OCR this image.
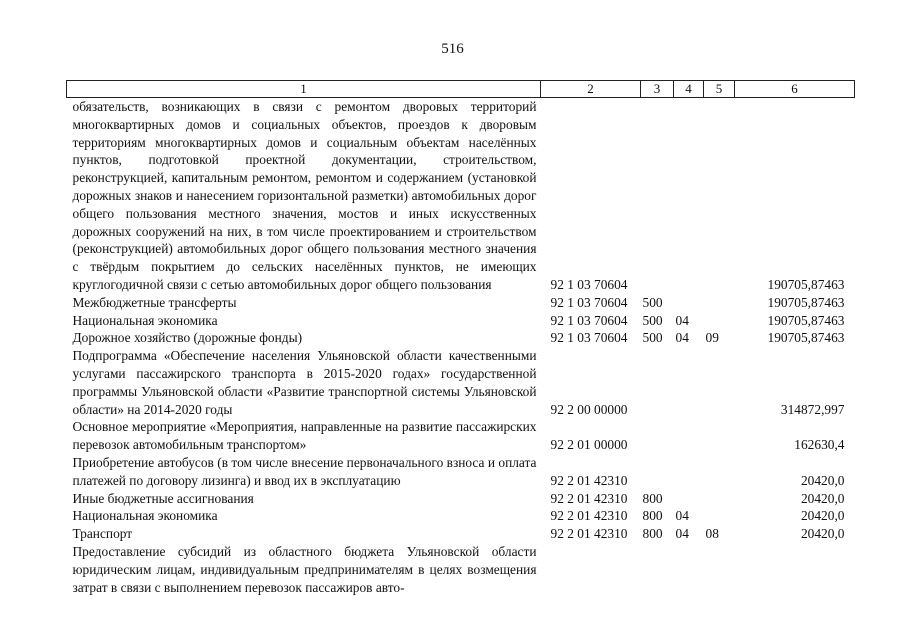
516
1	2	3	4	5	6
обязательств, возникающих в связи с ремонтом дворовых территорий многоквартирных домов и социальных объектов, проездов к дворовым территориям многоквартирных домов и социальным объектам населённых пунктов, подготовкой проектной документации, строительством, реконструкцией, капитальным ремонтом, ремонтом и содержанием (установкой дорожных знаков и нанесением горизонтальной разметки) автомобильных дорог общего пользования местного значения, мостов и иных искусственных дорожных сооружений на них, в том числе проектированием и строительством (реконструкцией) автомобильных дорог общего пользования местного значения с твёрдым покрытием до сельских населённых пунктов, не имеющих круглогодичной связи с сетью автомобильных дорог общего пользования	92 1 03 70604				190705,87463
Межбюджетные трансферты	92 1 03 70604	500			190705,87463
Национальная экономика	92 1 03 70604	500	04		190705,87463
Дорожное хозяйство (дорожные фонды)	92 1 03 70604	500	04	09	190705,87463
Подпрограмма «Обеспечение населения Ульяновской области качественными услугами пассажирского транспорта в 2015-2020 годах» государственной программы Ульяновской области «Развитие транспортной системы Ульяновской области» на 2014-2020 годы	92 2 00 00000				314872,997
Основное мероприятие «Мероприятия, направленные на развитие пассажирских перевозок автомобильным транспортом»	92 2 01 00000				162630,4
Приобретение автобусов (в том числе внесение первоначального взноса и оплата платежей по договору лизинга) и ввод их в эксплуатацию	92 2 01 42310				20420,0
Иные бюджетные ассигнования	92 2 01 42310	800			20420,0
Национальная экономика	92 2 01 42310	800	04		20420,0
Транспорт	92 2 01 42310	800	04	08	20420,0
Предоставление субсидий из областного бюджета Ульяновской области юридическим лицам, индивидуальным предпринимателям в целях возмещения затрат в связи с выполнением перевозок пассажиров авто-					
